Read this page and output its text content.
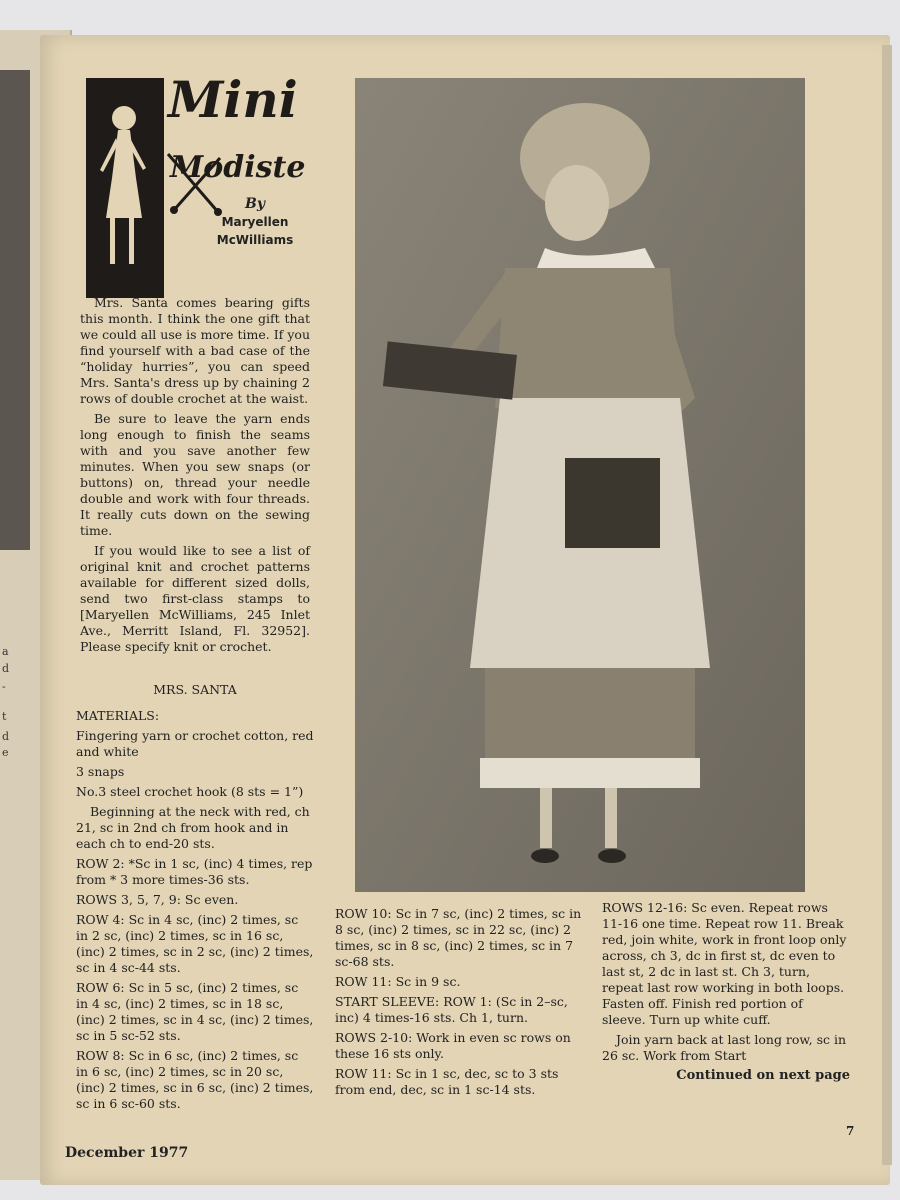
a
d
-
t
d
e
Mini
Modiste
By
Maryellen McWilliams

Mrs. Santa comes bearing gifts this month. I think the one gift that we could all use is more time. If you find yourself with a bad case of the “holiday hurries”, you can speed Mrs. Santa's dress up by chaining 2 rows of double crochet at the waist.

Be sure to leave the yarn ends long enough to finish the seams with and you save another few minutes. When you sew snaps (or buttons) on, thread your needle double and work with four threads. It really cuts down on the sewing time.

If you would like to see a list of original knit and crochet patterns available for different sized dolls, send two first-class stamps to [Maryellen McWilliams, 245 Inlet Ave., Merritt Island, Fl. 32952]. Please specify knit or crochet.

MRS. SANTA

MATERIALS:

Fingering yarn or crochet cotton, red and white

3 snaps

No.3 steel crochet hook (8 sts = 1”)

Beginning at the neck with red, ch 21, sc in 2nd ch from hook and in each ch to end-20 sts.

ROW 2: *Sc in 1 sc, (inc) 4 times, rep from * 3 more times-36 sts.

ROWS 3, 5, 7, 9: Sc even.

ROW 4: Sc in 4 sc, (inc) 2 times, sc in 2 sc, (inc) 2 times, sc in 16 sc, (inc) 2 times, sc in 2 sc, (inc) 2 times, sc in 4 sc-44 sts.

ROW 6: Sc in 5 sc, (inc) 2 times, sc in 4 sc, (inc) 2 times, sc in 18 sc, (inc) 2 times, sc in 4 sc, (inc) 2 times, sc in 5 sc-52 sts.

ROW 8: Sc in 6 sc, (inc) 2 times, sc in 6 sc, (inc) 2 times, sc in 20 sc, (inc) 2 times, sc in 6 sc, (inc) 2 times, sc in 6 sc-60 sts.

ROW 10: Sc in 7 sc, (inc) 2 times, sc in 8 sc, (inc) 2 times, sc in 22 sc, (inc) 2 times, sc in 8 sc, (inc) 2 times, sc in 7 sc-68 sts.

ROW 11: Sc in 9 sc.

START SLEEVE: ROW 1: (Sc in 2–sc, inc) 4 times-16 sts. Ch 1, turn.

ROWS 2-10: Work in even sc rows on these 16 sts only.

ROW 11: Sc in 1 sc, dec, sc to 3 sts from end, dec, sc in 1 sc-14 sts.

ROWS 12-16: Sc even. Repeat rows 11-16 one time. Repeat row 11. Break red, join white, work in front loop only across, ch 3, dc in first st, dc even to last st, 2 dc in last st. Ch 3, turn, repeat last row working in both loops. Fasten off. Finish red portion of sleeve. Turn up white cuff.

Join yarn back at last long row, sc in 26 sc. Work from Start

Continued on next page
December 1977
7
